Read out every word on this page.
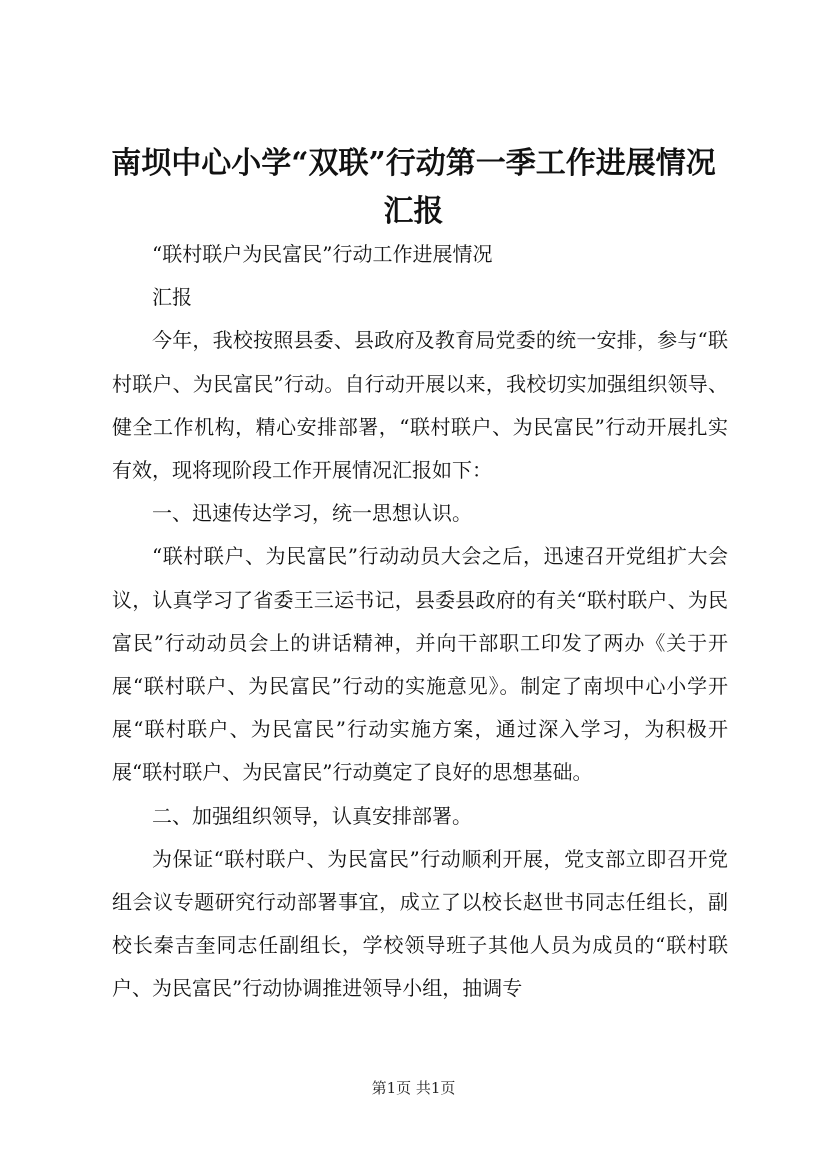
南坝中心小学“双联”行动第一季工作进展情况汇报

“联村联户为民富民”行动工作进展情况

汇报

今年，我校按照县委、县政府及教育局党委的统一安排，参与“联村联户、为民富民”行动。自行动开展以来，我校切实加强组织领导、健全工作机构，精心安排部署，“联村联户、为民富民”行动开展扎实有效，现将现阶段工作开展情况汇报如下：

一、迅速传达学习，统一思想认识。

“联村联户、为民富民”行动动员大会之后，迅速召开党组扩大会议，认真学习了省委王三运书记，县委县政府的有关“联村联户、为民富民”行动动员会上的讲话精神，并向干部职工印发了两办《关于开展“联村联户、为民富民”行动的实施意见》。制定了南坝中心小学开展“联村联户、为民富民”行动实施方案，通过深入学习，为积极开展“联村联户、为民富民”行动奠定了良好的思想基础。

二、加强组织领导，认真安排部署。

为保证“联村联户、为民富民”行动顺利开展，党支部立即召开党组会议专题研究行动部署事宜，成立了以校长赵世书同志任组长，副校长秦吉奎同志任副组长，学校领导班子其他人员为成员的“联村联户、为民富民”行动协调推进领导小组，抽调专

第1页 共1页
